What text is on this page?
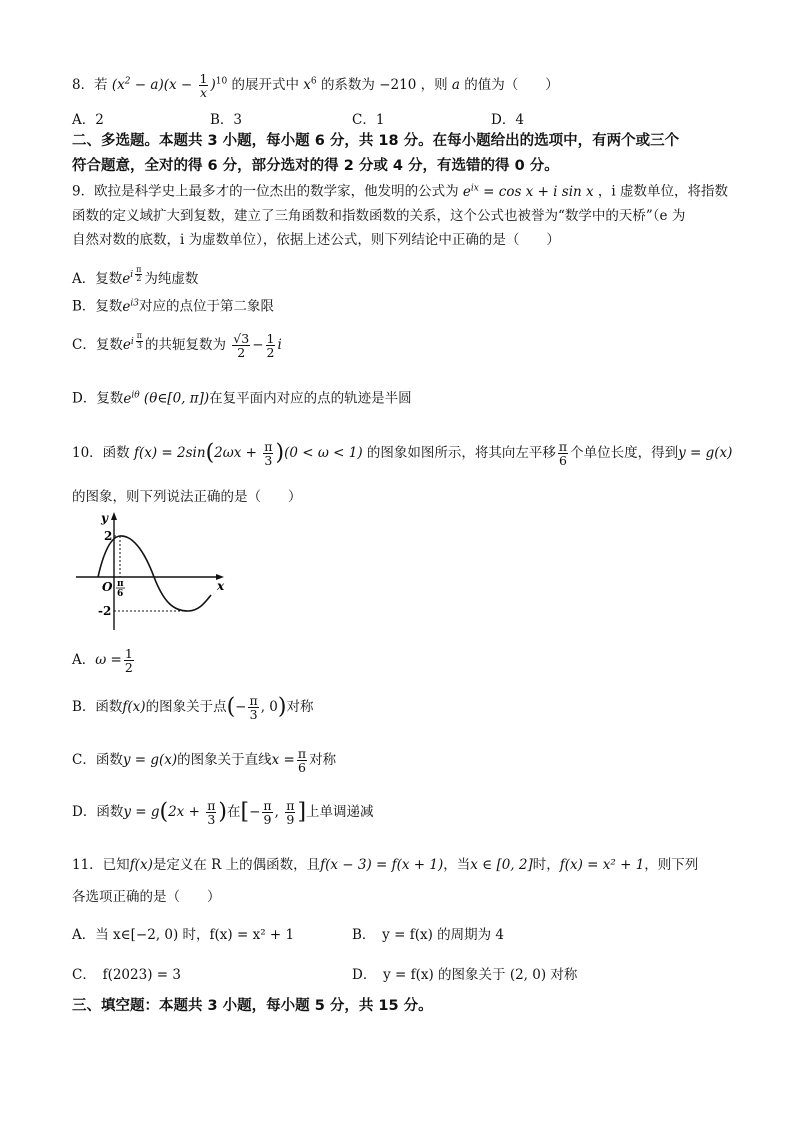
8．若 $(x^2 - a)(x - \frac{1}{x} )^{10}$ 的展开式中 $x^6$ 的系数为 −210 ，则 a 的值为（　　）
A．2	B．3	C．1	D．4
二、多选题。本题共 3 小题，每小题 6 分，共 18 分。在每小题给出的选项中，有两个或三个
符合题意，全对的得 6 分，部分选对的得 2 分或 4 分，有选错的得 0 分。
9．欧拉是科学史上最多才的一位杰出的数学家，他发明的公式为 $e^{ix} = \cos x + i$ sin x ，i 虚数单位，将指数
函数的定义域扩大到复数，建立了三角函数和指数函数的关系，这个公式也被誉为“数学中的天桥”（e 为
自然对数的底数，i 为虚数单位），依据上述公式，则下列结论中正确的是（　　）
A．复数$e^{i \frac{\pi}{2}}$ 为纯虚数
B．复数$e^{i3}$对应的点位于第二象限
C．复数$e^{i \frac{\pi}{3}}$ 的共轭复数为 $\frac{√3}{2} - \frac{1}{2}$ i
D．复数$e^{i\theta}$ (θ∈[0, π])在复平面内对应的点的轨迹是半圆
10．函数 $f(x) = 2\sin(2\omega x + \frac{\pi}{3} )(0 < \omega < 1)$ 的图象如图所示，将其向左平移 $\frac{\pi}{6}$ 个单位长度，得到y = g(x)
的图象，则下列说法正确的是（　　）
y
x
O
2
-2
π
6
A．$\omega = \frac{1}{2}$
B．函数f(x)的图象关于点(− $\frac{\pi}{3}$ , 0)对称
C．函数y = g(x)的图象关于直线$x = \frac{\pi}{6}$ 对称
D．函数$y = g(2x + \frac{\pi}{3}$ )在[− $\frac{\pi}{9}$ , $\frac{\pi}{9}$ ]上单调递减
11．已知f(x)是定义在 R 上的偶函数，且f(x − 3) = f(x + 1)，当x ∈ [0, 2]时，f(x) = x² + 1，则下列
各选项正确的是（　　）
A．当 x∈[−2, 0) 时，f(x) = x² + 1	B．　y = f(x) 的周期为 4
C．　f(2023) = 3	D．　y = f(x) 的图象关于 (2, 0) 对称
三、填空题：本题共 3 小题，每小题 5 分，共 15 分。
